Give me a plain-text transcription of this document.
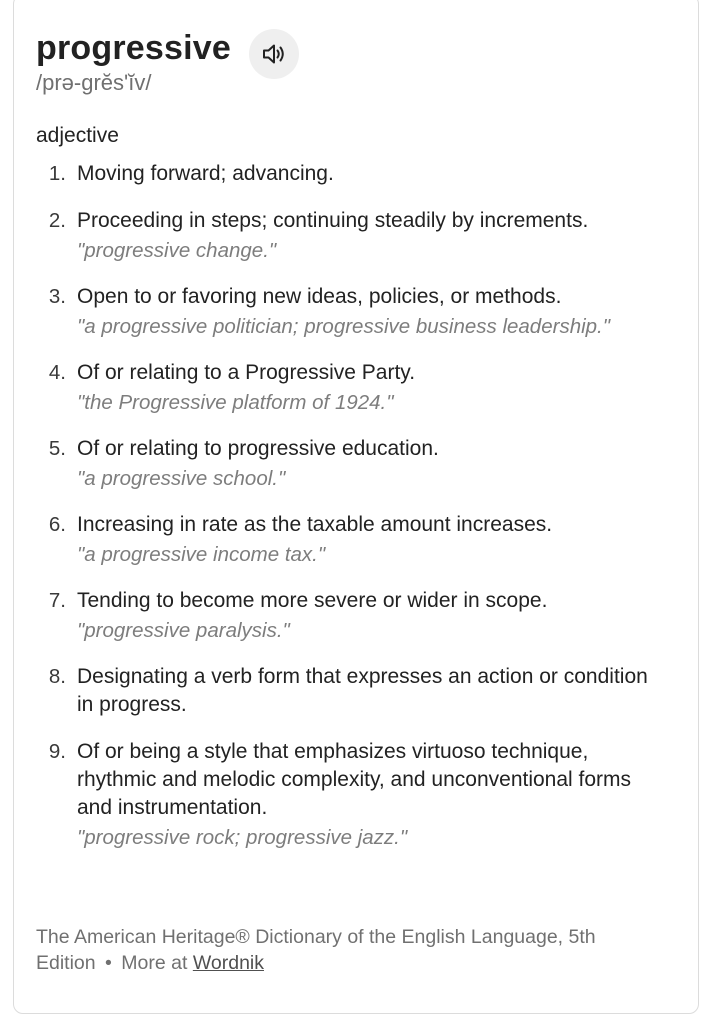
progressive
/prə-grĕsʹĭv/
adjective
1. Moving forward; advancing.
2. Proceeding in steps; continuing steadily by increments.
"progressive change."
3. Open to or favoring new ideas, policies, or methods.
"a progressive politician; progressive business leadership."
4. Of or relating to a Progressive Party.
"the Progressive platform of 1924."
5. Of or relating to progressive education.
"a progressive school."
6. Increasing in rate as the taxable amount increases.
"a progressive income tax."
7. Tending to become more severe or wider in scope.
"progressive paralysis."
8. Designating a verb form that expresses an action or condition in progress.
9. Of or being a style that emphasizes virtuoso technique, rhythmic and melodic complexity, and unconventional forms and instrumentation.
"progressive rock; progressive jazz."
The American Heritage® Dictionary of the English Language, 5th Edition • More at Wordnik
